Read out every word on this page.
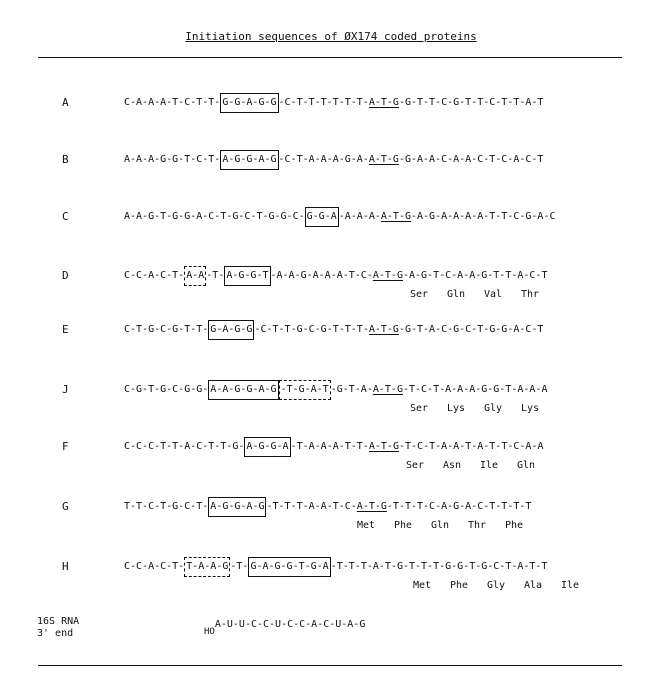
Initiation sequences of ØX174 coded proteins
A	C-A-A-A-T-C-T-T- G-G-A-G-G -C-T-T-T-T-T-T- A-T-G -G-T-T-C-G-T-T-C-T-T-A-T
B	A-A-A-G-G-T-C-T- A-G-G-A-G -C-T-A-A-A-G-A- A-T-G -G-A-A-C-A-A-C-T-C-A-C-T
C	A-A-G-T-G-G-A-C-T-G-C-T-G-G-C- G-G-A -A-A-A- A-T-G -A-G-A-A-A-A-T-T-C-G-A-C
D	C-C-A-C-T- A-A -T- A-G-G-T -A-A-G-A-A-A-T-C- A-T-G -A-G-T-C-A-A-G-T-T-A-C-T
Ser Gln Val Thr
E	C-T-G-C-G-T-T- G-A-G-G -C-T-T-G-C-G-T-T-T- A-T-G -G-T-A-C-G-C-T-G-G-A-C-T
J	C-G-T-G-C-G-G- A-A-G-G-A-G -T-G-A-T -G-T-A- A-T-G -T-C-T-A-A-A-G-G-T-A-A-A
Ser Lys Gly Lys
F	C-C-C-T-T-A-C-T-T-G- A-G-G-A -T-A-A-A-T-T- A-T-G -T-C-T-A-A-T-A-T-T-C-A-A
Ser Asn Ile Gln
G	T-T-C-T-G-C-T- A-G-G-A-G -T-T-T-A-A-T-C- A-T-G -T-T-T-C-A-G-A-C-T-T-T-T
Met Phe Gln Thr Phe
H	C-C-A-C-T- T-A-A-G -T- G-A-G-G-T-G-A -T-T-T-A-T-G-T-T-T-G-G-T-G-C-T-A-T-T
Met Phe Gly Ala Ile
16S RNA
3' end	HOA-U-U-C-C-U-C-C-A-C-U-A-G
